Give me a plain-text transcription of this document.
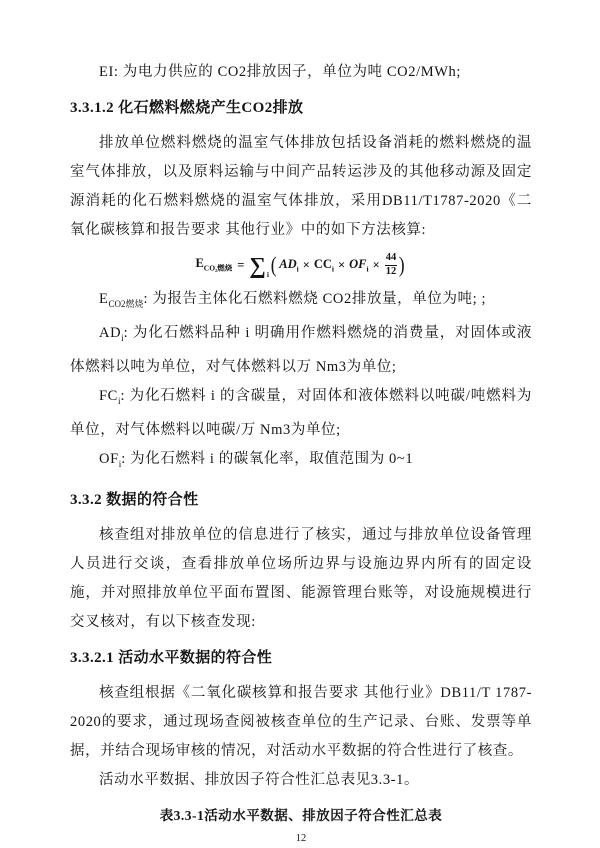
EI: 为电力供应的 CO2排放因子，单位为吨 CO2/MWh;

3.3.1.2 化石燃料燃烧产生CO2排放

排放单位燃料燃烧的温室气体排放包括设备消耗的燃料燃烧的温室气体排放，以及原料运输与中间产品转运涉及的其他移动源及固定源消耗的化石燃料燃烧的温室气体排放，采用DB11/T1787-2020《二氧化碳核算和报告要求 其他行业》中的如下方法核算:

$E_{CO_2燃烧} = \sum_i$ ( $AD_i \times CC_i \times OF_i \times \frac{44}{12}$ )

$E_{CO2燃烧}$: 为报告主体化石燃料燃烧 CO2排放量，单位为吨; ;

$AD_i$: 为化石燃料品种 i 明确用作燃料燃烧的消费量，对固体或液体燃料以吨为单位，对气体燃料以万 Nm3为单位;

$FC_i$: 为化石燃料 i 的含碳量，对固体和液体燃料以吨碳/吨燃料为单位，对气体燃料以吨碳/万 Nm3为单位;

$OF_i$: 为化石燃料 i 的碳氧化率，取值范围为 0~1

3.3.2 数据的符合性

核查组对排放单位的信息进行了核实，通过与排放单位设备管理人员进行交谈，查看排放单位场所边界与设施边界内所有的固定设施，并对照排放单位平面布置图、能源管理台账等，对设施规模进行交叉核对，有以下核查发现:

3.3.2.1 活动水平数据的符合性

核查组根据《二氧化碳核算和报告要求 其他行业》DB11/T 1787-2020的要求，通过现场查阅被核查单位的生产记录、台账、发票等单据，并结合现场审核的情况，对活动水平数据的符合性进行了核查。

活动水平数据、排放因子符合性汇总表见3.3-1。

表3.3-1活动水平数据、排放因子符合性汇总表

12
